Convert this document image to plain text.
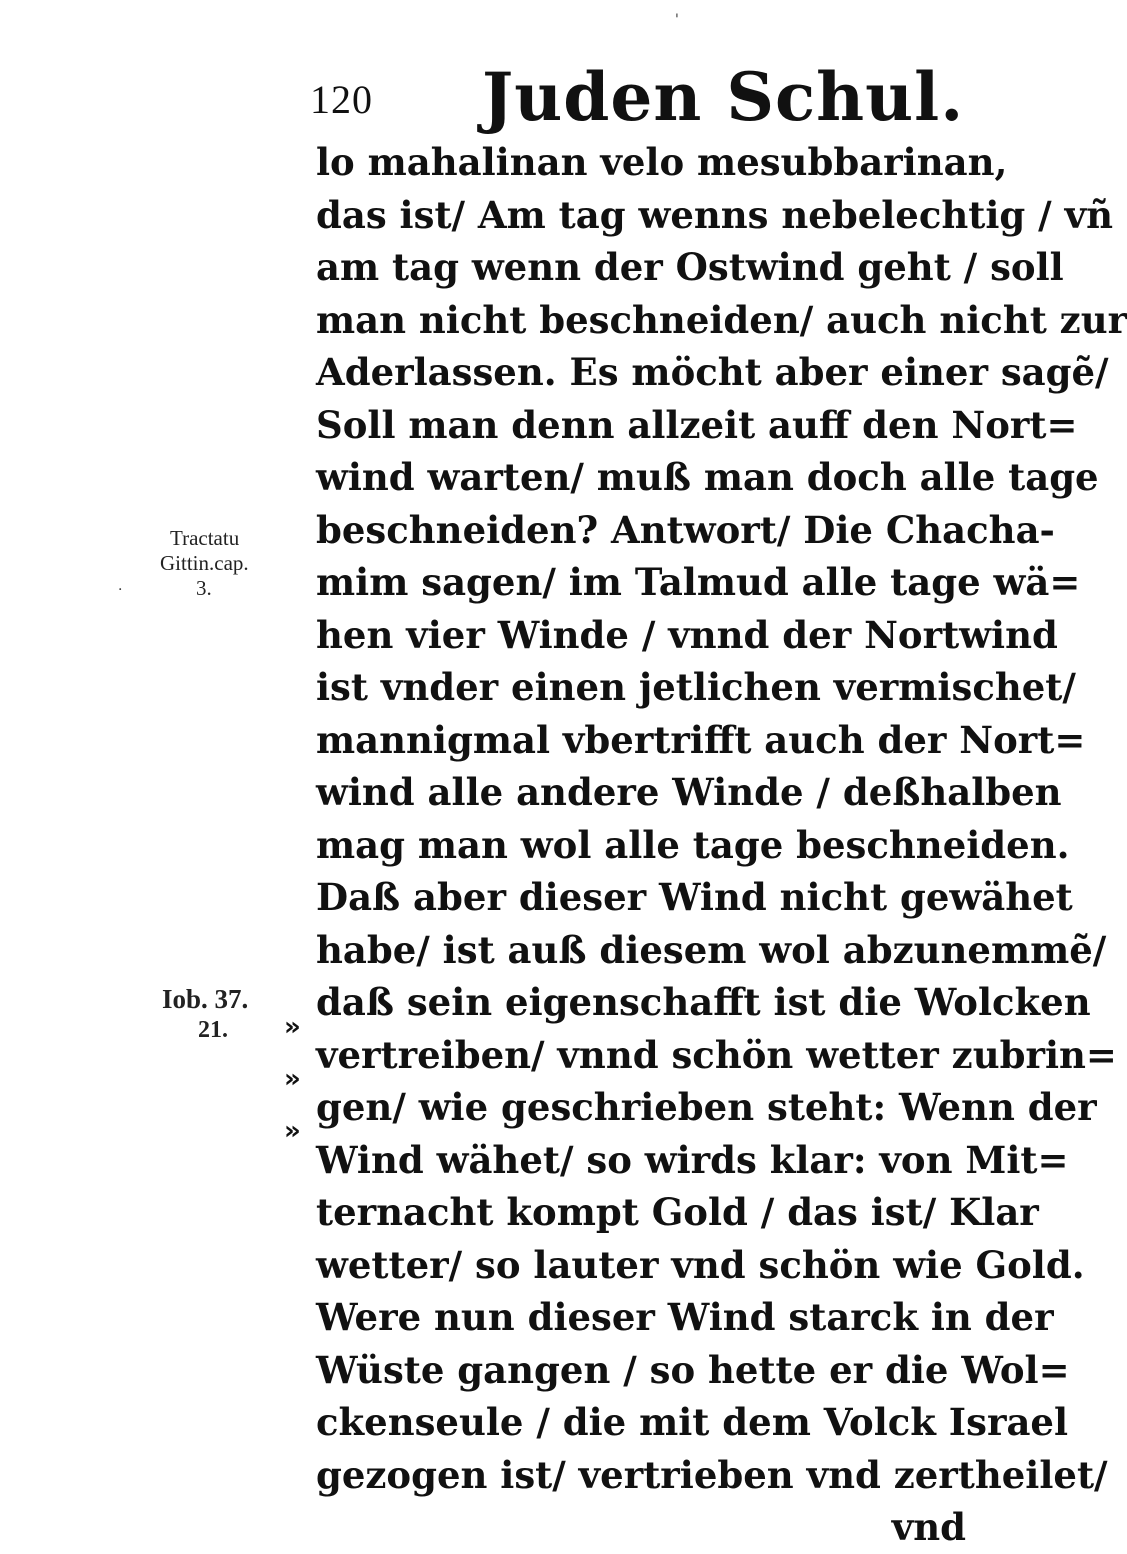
120 Juden Schul.
lo mahalinan velo mesubbarinan,
das ist/ Am tag wenns nebelechtig / vñ
am tag wenn der Ostwind geht / soll
man nicht beschneiden/ auch nicht zur
Aderlassen. Es möcht aber einer sagẽ/
Soll man denn allzeit auff den Nort=
wind warten/ muß man doch alle tage
beschneiden? Antwort/ Die Chacha-
mim sagen/ im Talmud alle tage wä=
hen vier Winde / vnnd der Nortwind
ist vnder einen jetlichen vermischet/
mannigmal vbertrifft auch der Nort=
wind alle andere Winde / deßhalben
mag man wol alle tage beschneiden.
Daß aber dieser Wind nicht gewähet
habe/ ist auß diesem wol abzunemmẽ/
daß sein eigenschafft ist die Wolcken
vertreiben/ vnnd schön wetter zubrin=
gen/ wie geschrieben steht: Wenn der
Wind wähet/ so wirds klar: von Mit=
ternacht kompt Gold / das ist/ Klar
wetter/ so lauter vnd schön wie Gold.
Were nun dieser Wind starck in der
Wüste gangen / so hette er die Wol=
ckenseule / die mit dem Volck Israel
gezogen ist/ vertrieben vnd zertheilet/
vnd
Tractatu
Gittin.cap.
3.
Iob. 37.
21.	»
»
»
'
·
